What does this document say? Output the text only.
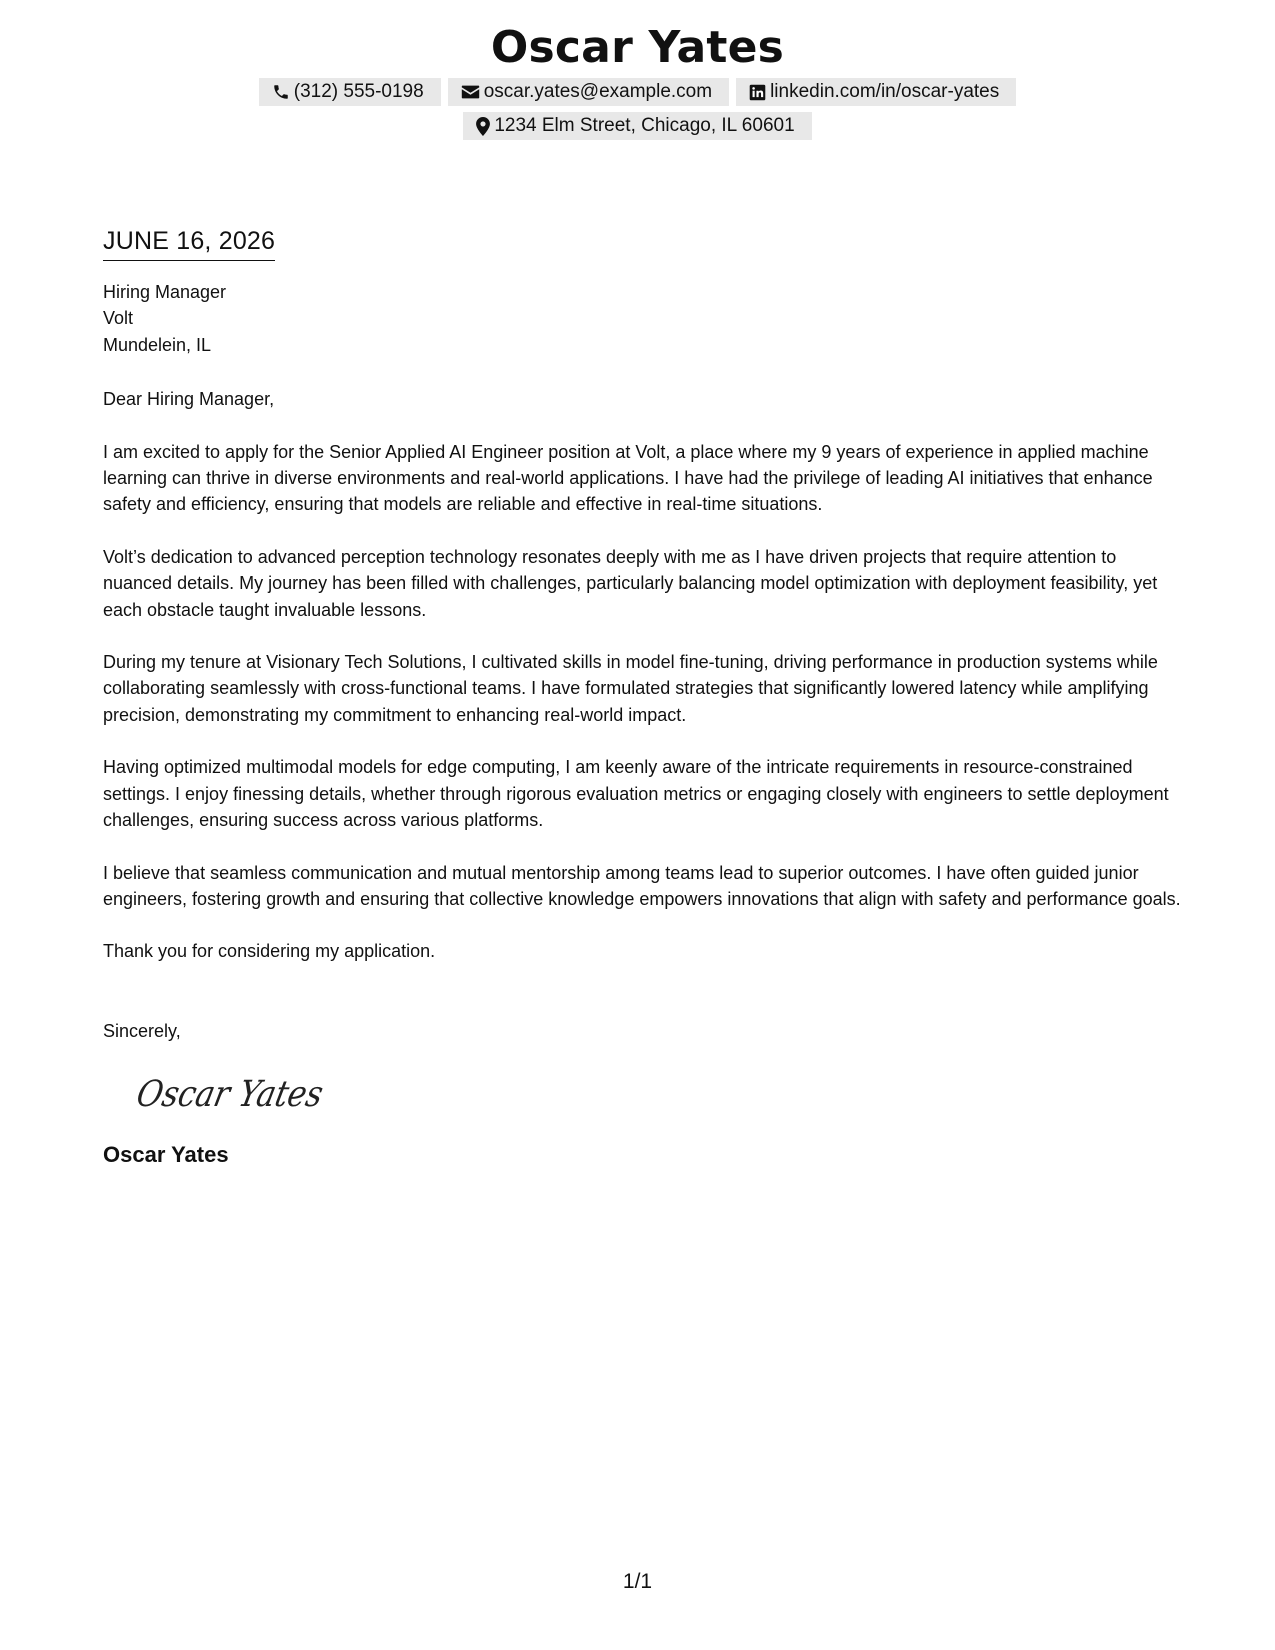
Oscar Yates
(312) 555-0198	oscar.yates@example.com	linkedin.com/in/oscar-yates
1234 Elm Street, Chicago, IL 60601
JUNE 16, 2026
Hiring Manager
Volt
Mundelein, IL
Dear Hiring Manager,
I am excited to apply for the Senior Applied AI Engineer position at Volt, a place where my 9 years of experience in applied machine learning can thrive in diverse environments and real-world applications. I have had the privilege of leading AI initiatives that enhance safety and efficiency, ensuring that models are reliable and effective in real-time situations.
Volt’s dedication to advanced perception technology resonates deeply with me as I have driven projects that require attention to nuanced details. My journey has been filled with challenges, particularly balancing model optimization with deployment feasibility, yet each obstacle taught invaluable lessons.
During my tenure at Visionary Tech Solutions, I cultivated skills in model fine-tuning, driving performance in production systems while collaborating seamlessly with cross-functional teams. I have formulated strategies that significantly lowered latency while amplifying precision, demonstrating my commitment to enhancing real-world impact.
Having optimized multimodal models for edge computing, I am keenly aware of the intricate requirements in resource-constrained settings. I enjoy finessing details, whether through rigorous evaluation metrics or engaging closely with engineers to settle deployment challenges, ensuring success across various platforms.
I believe that seamless communication and mutual mentorship among teams lead to superior outcomes. I have often guided junior engineers, fostering growth and ensuring that collective knowledge empowers innovations that align with safety and performance goals.
Thank you for considering my application.
Sincerely,
Oscar Yates
Oscar Yates
1/1
